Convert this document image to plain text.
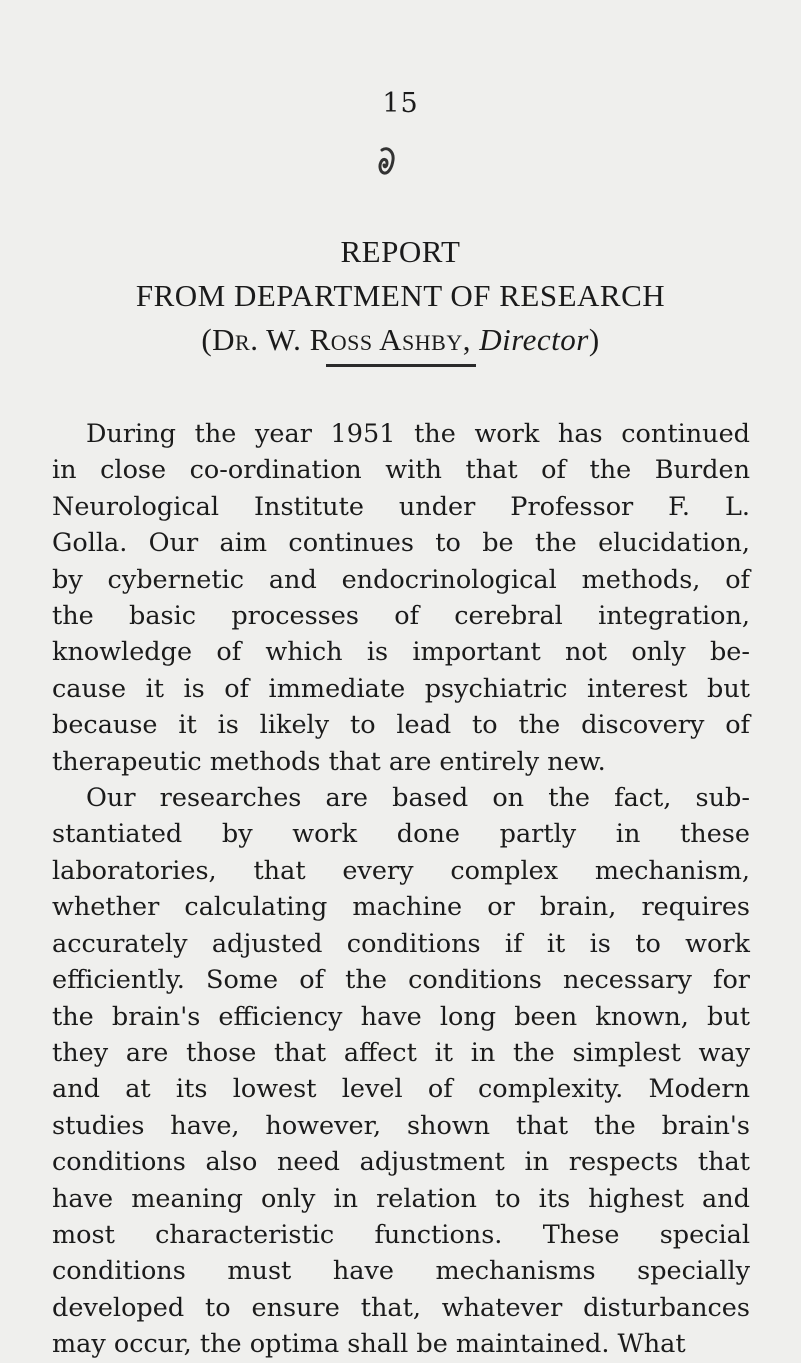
15
REPORT
FROM DEPARTMENT OF RESEARCH
(Dr. W. Ross Ashby, Director)

During the year 1951 the work has continued
in close co-ordination with that of the Burden
Neurological Institute under Professor F. L.
Golla. Our aim continues to be the elucidation,
by cybernetic and endocrinological methods, of
the basic processes of cerebral integration,
knowledge of which is important not only be-
cause it is of immediate psychiatric interest but
because it is likely to lead to the discovery of
therapeutic methods that are entirely new.

Our researches are based on the fact, sub-
stantiated by work done partly in these
laboratories, that every complex mechanism,
whether calculating machine or brain, requires
accurately adjusted conditions if it is to work
efficiently. Some of the conditions necessary for
the brain's efficiency have long been known, but
they are those that affect it in the simplest way
and at its lowest level of complexity. Modern
studies have, however, shown that the brain's
conditions also need adjustment in respects that
have meaning only in relation to its highest and
most characteristic functions. These special
conditions must have mechanisms specially
developed to ensure that, whatever disturbances
may occur, the optima shall be maintained. What
